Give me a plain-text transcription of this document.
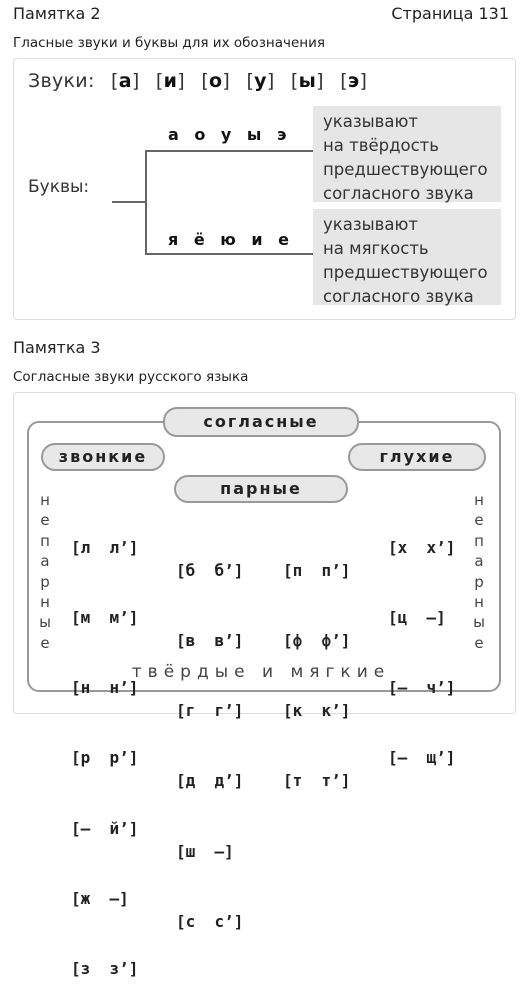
Памятка 2	Страница 131
Гласные звуки и буквы для их обозначения
Звуки: [а] [и] [о] [у] [ы] [э]
Буквы:
а о у ы э
я ё ю и е
указывают
на твёрдость
предшествующего
согласного звука
указывают
на мягкость
предшествующего
согласного звука
Памятка 3
Согласные звуки русского языка
согласные
звонкие	глухие
парные
н
е
п
а
р
н
ы
е
н
е
п
а
р
н
ы
е

[л  л’]

[м  м’]

[н  н’]

[р  р’]

[–  й’]

[ж  –]

[з  з’]

[б  б’]

[в  в’]

[г  г’]

[д  д’]

[ш  –]

[с  с’]

[п  п’]

[ф  ф’]

[к  к’]

[т  т’]

[х  х’]

[ц  –]

[–  ч’]

[–  щ’]

твёрдые и мягкие
